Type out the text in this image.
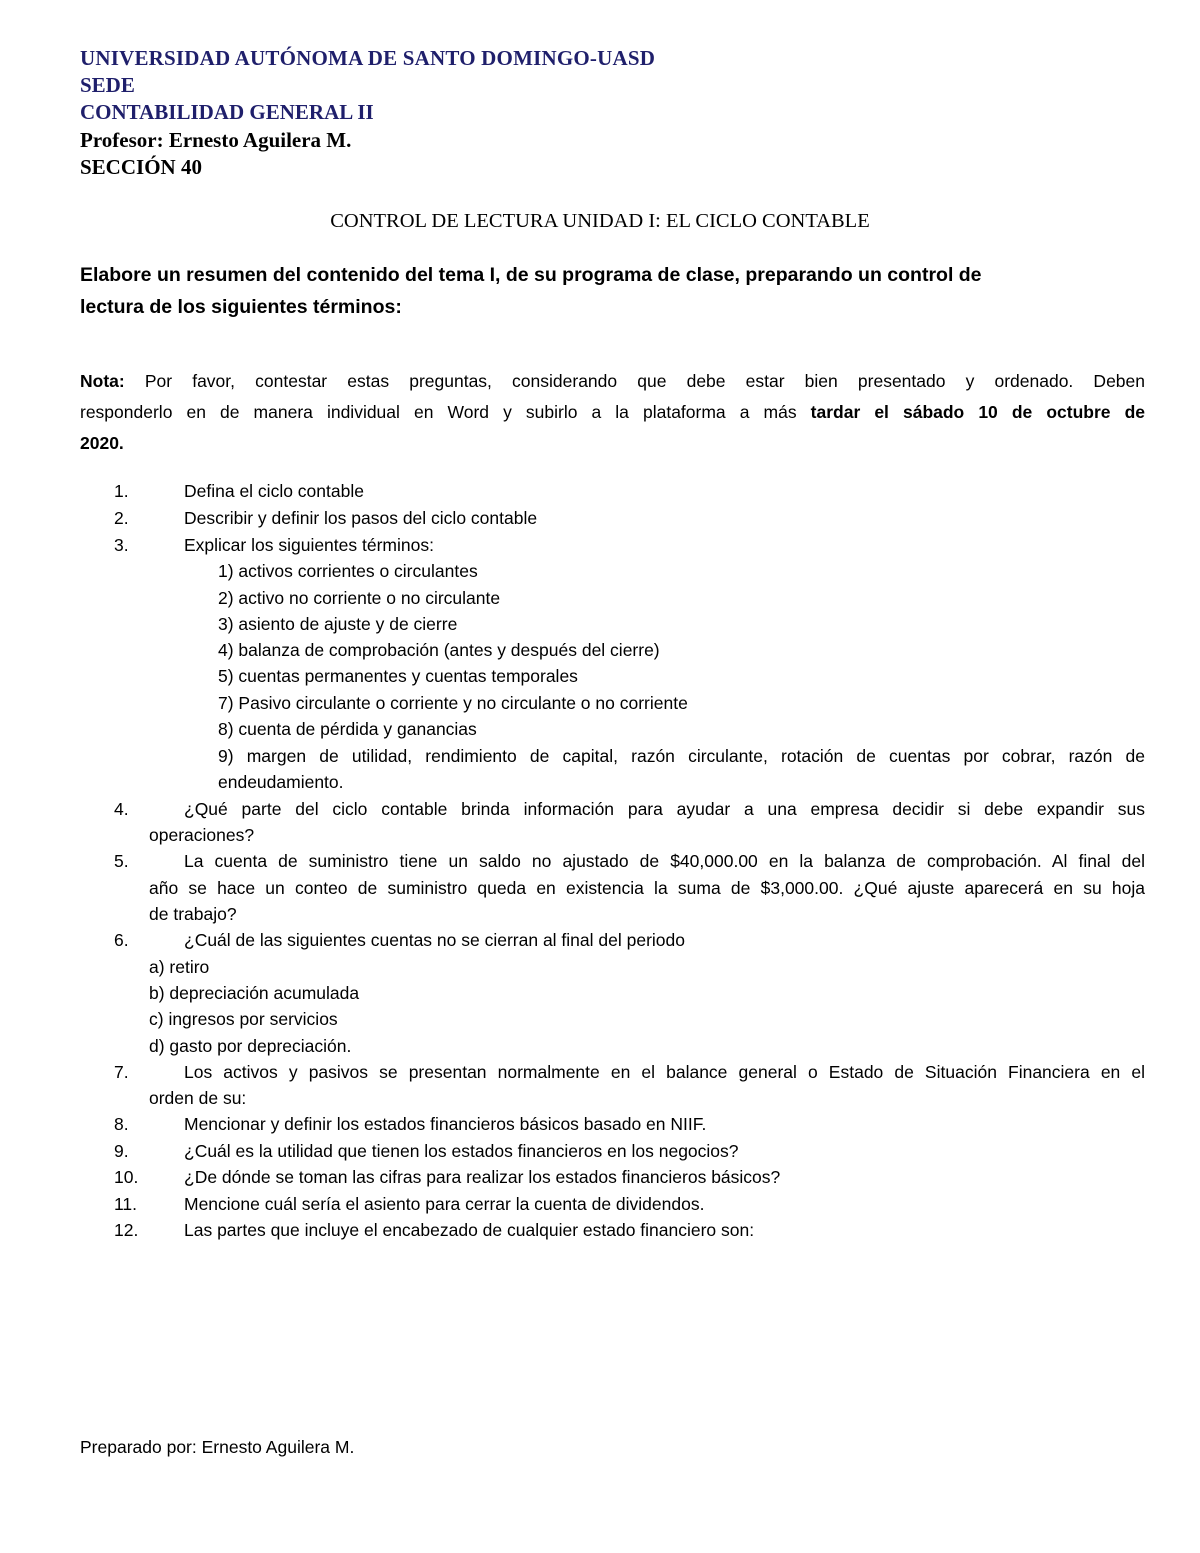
UNIVERSIDAD AUTÓNOMA DE SANTO DOMINGO-UASD
SEDE
CONTABILIDAD GENERAL II
Profesor: Ernesto Aguilera M.
SECCIÓN 40
CONTROL DE LECTURA UNIDAD I: EL CICLO CONTABLE
Elabore un resumen del contenido del tema I, de su programa de clase, preparando un control de
lectura de los siguientes términos:
Nota: Por favor, contestar estas preguntas, considerando que debe estar bien presentado y ordenado. Deben
responderlo en de manera individual en Word y subirlo a la plataforma a más tardar el sábado 10 de octubre de
2020.
1.	Defina el ciclo contable
2.	Describir y definir los pasos del ciclo contable
3.	Explicar los siguientes términos:
1) activos corrientes o circulantes
2) activo no corriente o no circulante
3) asiento de ajuste y de cierre
4) balanza de comprobación (antes y después del cierre)
5) cuentas permanentes y cuentas temporales
7) Pasivo circulante o corriente y no circulante o no corriente
8) cuenta de pérdida y ganancias
9) margen de utilidad, rendimiento de capital, razón circulante, rotación de cuentas por cobrar, razón de
endeudamiento.
4.	¿Qué parte del ciclo contable brinda información para ayudar a una empresa decidir si debe expandir sus
operaciones?
5.	La cuenta de suministro tiene un saldo no ajustado de $40,000.00 en la balanza de comprobación. Al final del
año se hace un conteo de suministro queda en existencia la suma de $3,000.00. ¿Qué ajuste aparecerá en su hoja
de trabajo?
6.	¿Cuál de las siguientes cuentas no se cierran al final del periodo
a) retiro
b) depreciación acumulada
c) ingresos por servicios
d) gasto por depreciación.
7.	Los activos y pasivos se presentan normalmente en el balance general o Estado de Situación Financiera en el
orden de su:
8.	Mencionar y definir los estados financieros básicos basado en NIIF.
9.	¿Cuál es la utilidad que tienen los estados financieros en los negocios?
10.	¿De dónde se toman las cifras para realizar los estados financieros básicos?
11.	Mencione cuál sería el asiento para cerrar la cuenta de dividendos.
12.	Las partes que incluye el encabezado de cualquier estado financiero son:
Preparado por: Ernesto Aguilera M.
